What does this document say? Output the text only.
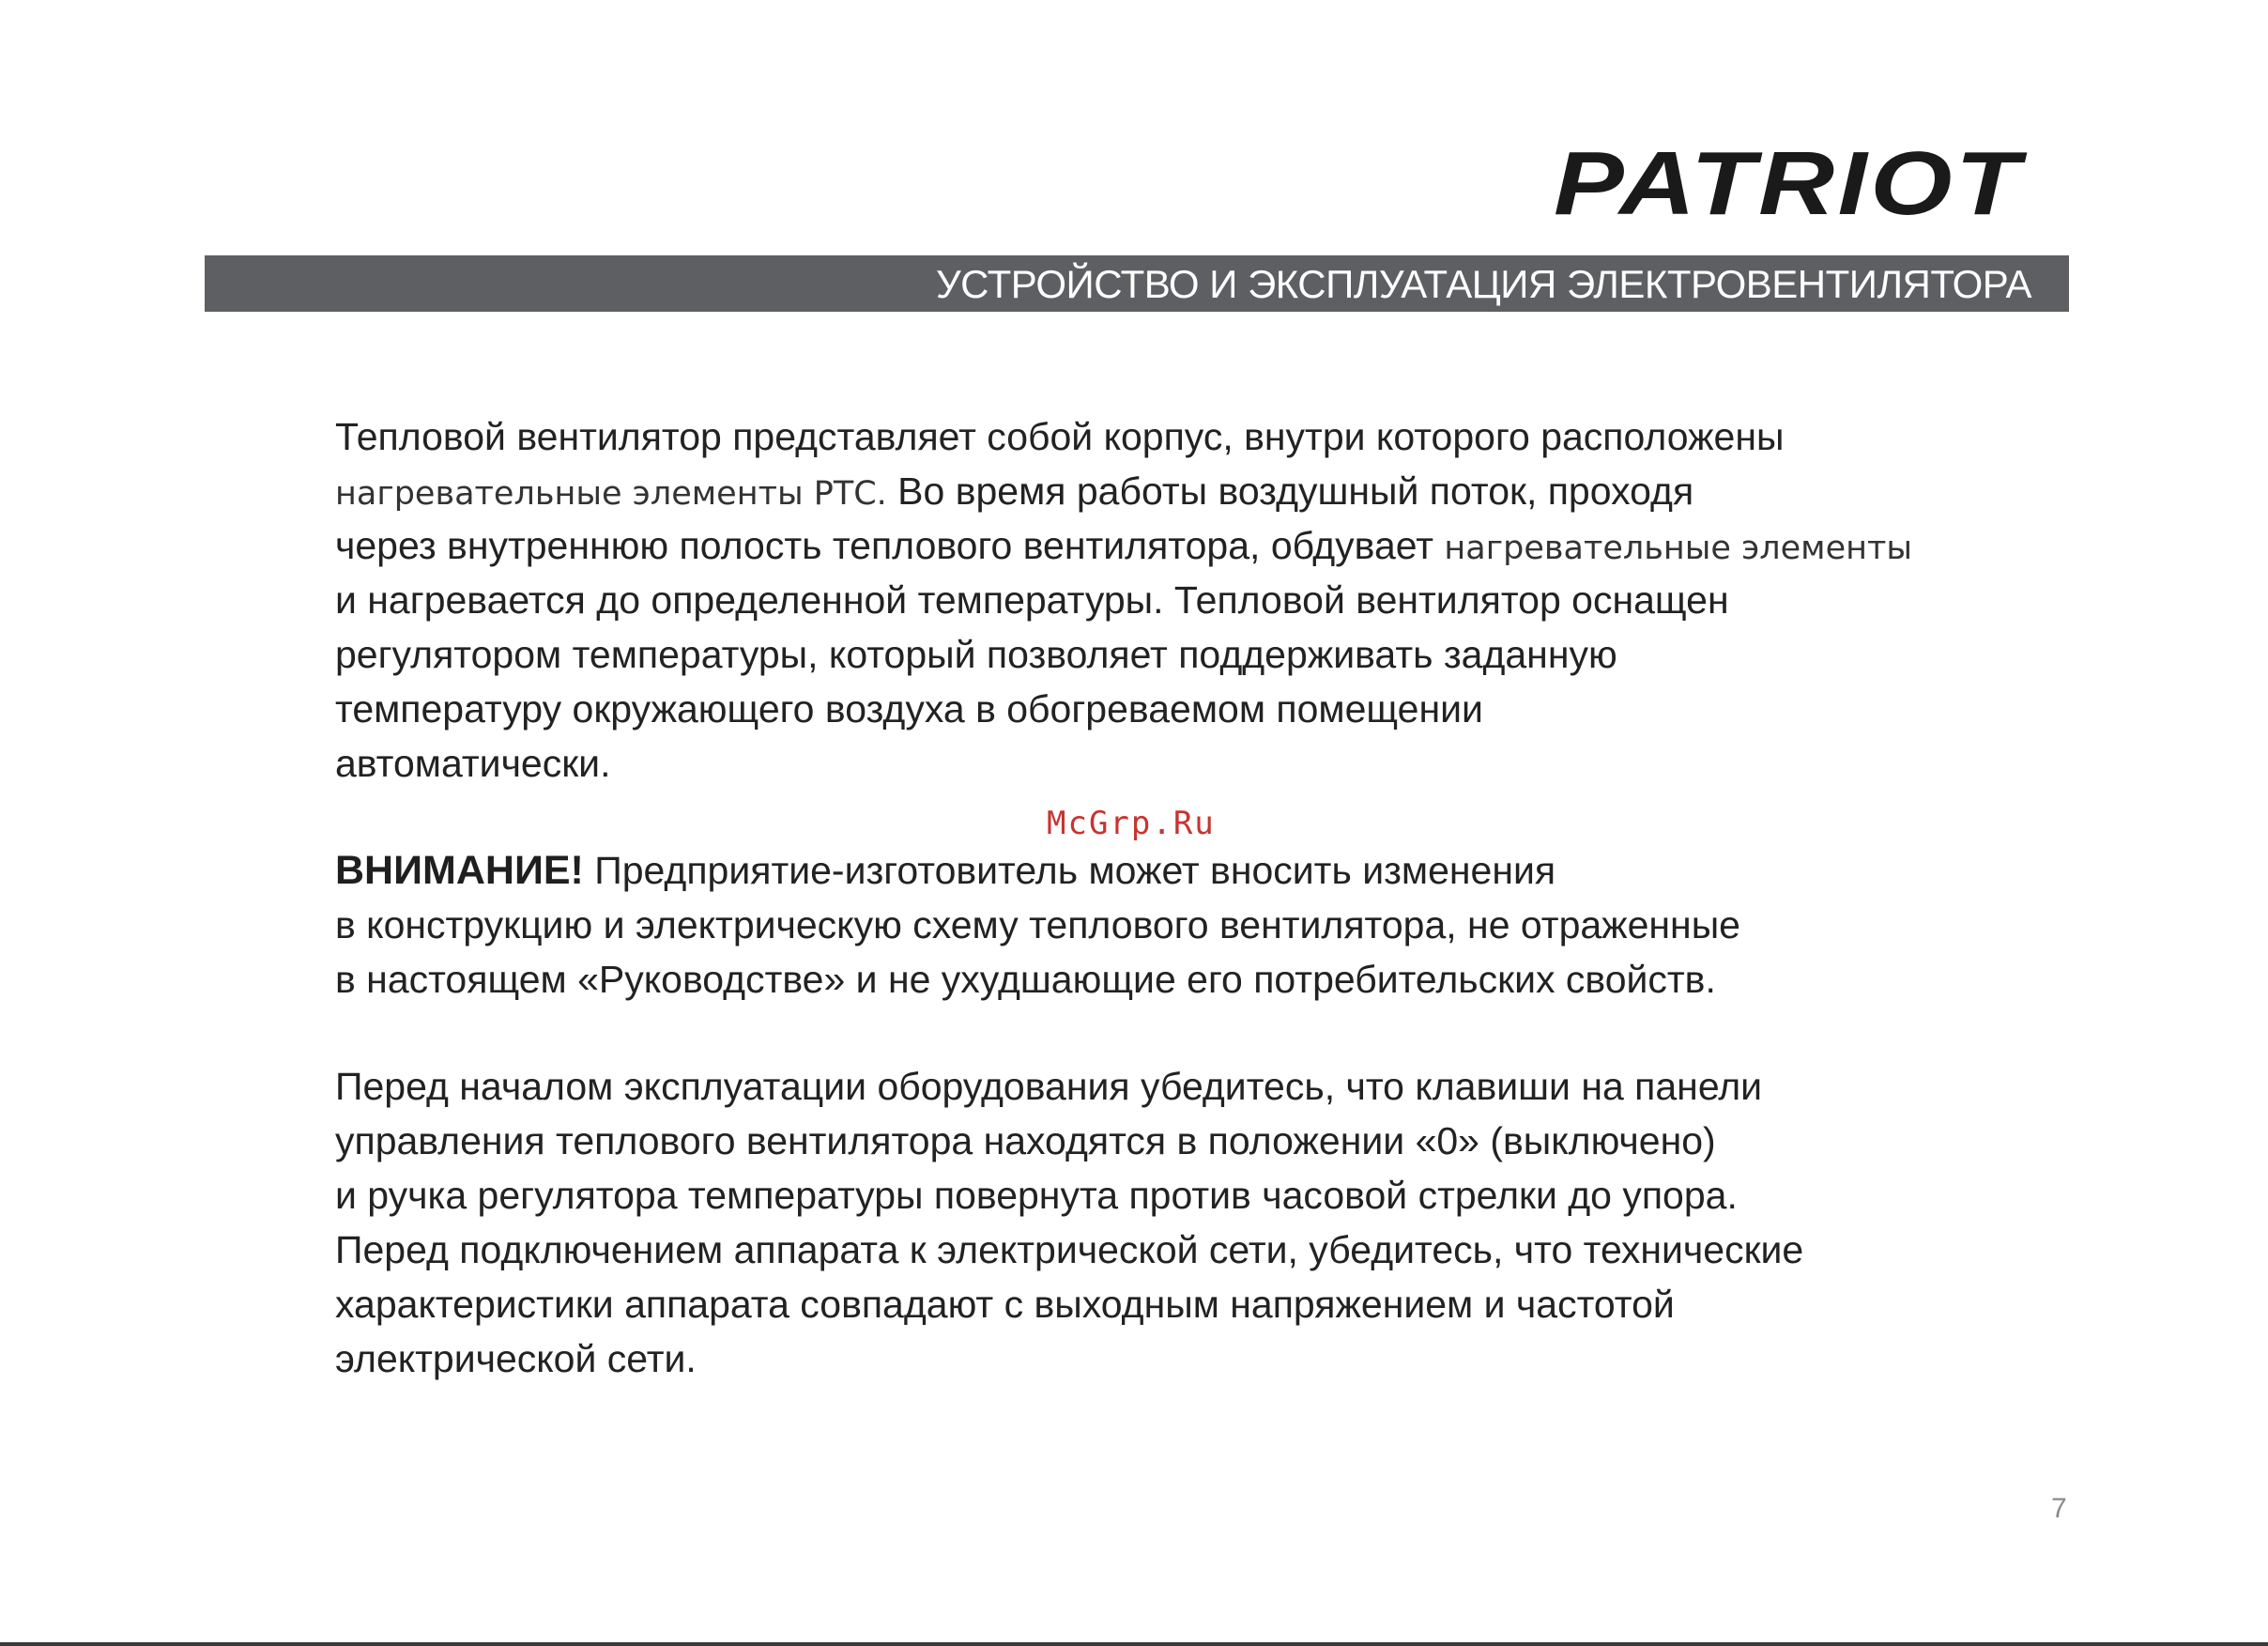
PATRIOT
УСТРОЙСТВО И ЭКСПЛУАТАЦИЯ ЭЛЕКТРОВЕНТИЛЯТОРА
Тепловой вентилятор представляет собой корпус, внутри которого расположены
нагревательные элементы РТС. Во время работы воздушный поток, проходя
через внутреннюю полость теплового вентилятора, обдувает нагревательные элементы
и нагревается до определенной температуры. Тепловой вентилятор оснащен
регулятором температуры, который позволяет поддерживать заданную
температуру окружающего воздуха в обогреваемом помещении
автоматически.
McGrp.Ru
ВНИМАНИЕ! Предприятие-изготовитель может вносить изменения
в конструкцию и электрическую схему теплового вентилятора, не отраженные
в настоящем «Руководстве» и не ухудшающие его потребительских свойств.
Перед началом эксплуатации оборудования убедитесь, что клавиши на панели
управления теплового вентилятора находятся в положении «0» (выключено)
и ручка регулятора температуры повернута против часовой стрелки до упора.
Перед подключением аппарата к электрической сети, убедитесь, что технические
характеристики аппарата совпадают с выходным напряжением и частотой
электрической сети.
7
